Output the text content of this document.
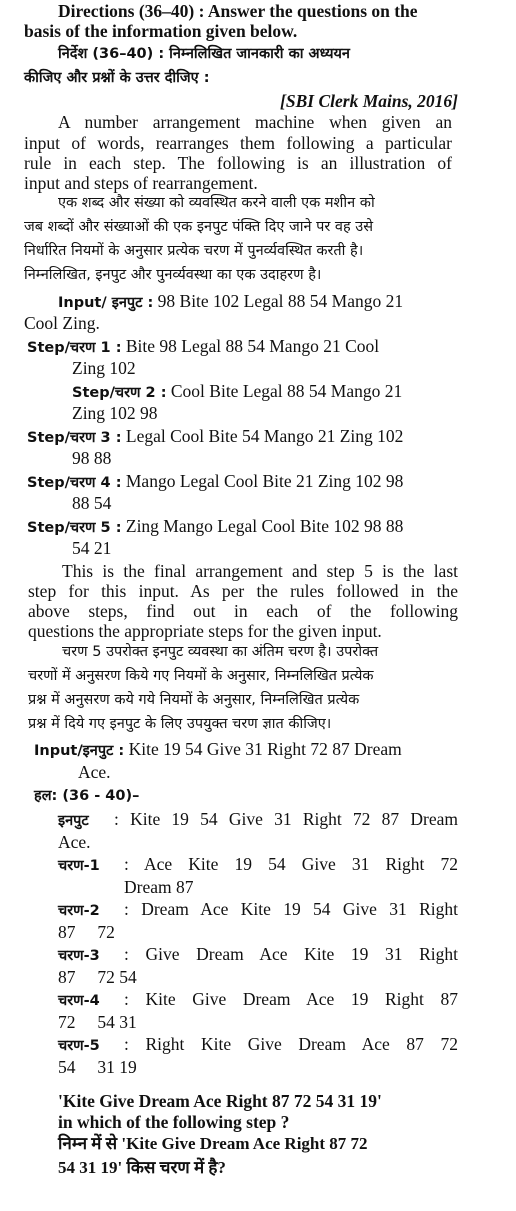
Directions (36–40) : Answer the questions on the
basis of the information given below.
निर्देश (36–40) : निम्नलिखित जानकारी का अध्ययन
कीजिए और प्रश्नों के उत्तर दीजिए :
[SBI Clerk Mains, 2016]
A number arrangement machine when given an
input of words, rearranges them following a particular
rule in each step. The following is an illustration of
input and steps of rearrangement.
एक शब्द और संख्या को व्यवस्थित करने वाली एक मशीन को
जब शब्दों और संख्याओं की एक इनपुट पंक्ति दिए जाने पर वह उसे
निर्धारित नियमों के अनुसार प्रत्येक चरण में पुनर्व्यवस्थित करती है।
निम्नलिखित, इनपुट और पुनर्व्यवस्था का एक उदाहरण है।
Input/ इनपुट : 98 Bite 102 Legal 88 54 Mango 21
Cool Zing.
Step/चरण 1 : Bite 98 Legal 88 54 Mango 21 Cool
Zing 102
Step/चरण 2 : Cool Bite Legal 88 54 Mango 21
Zing 102 98
Step/चरण 3 : Legal Cool Bite 54 Mango 21 Zing 102
98 88
Step/चरण 4 : Mango Legal Cool Bite 21 Zing 102 98
88 54
Step/चरण 5 : Zing Mango Legal Cool Bite 102 98 88
54 21
This is the final arrangement and step 5 is the last
step for this input. As per the rules followed in the
above steps, find out in each of the following
questions the appropriate steps for the given input.
चरण 5 उपरोक्त इनपुट व्यवस्था का अंतिम चरण है। उपरोक्त
चरणों में अनुसरण किये गए नियमों के अनुसार, निम्नलिखित प्रत्येक
प्रश्न में अनुसरण कये गये नियमों के अनुसार, निम्नलिखित प्रत्येक
प्रश्न में दिये गए इनपुट के लिए उपयुक्त चरण ज्ञात कीजिए।
Input/इनपुट : Kite 19 54 Give 31 Right 72 87 Dream
Ace.
हल: (36 - 40)–
इनपुट : Kite 19 54 Give 31 Right 72 87 Dream
Ace.
चरण-1 : Ace Kite 19 54 Give 31 Right 72
Dream 87
चरण-2 : Dream Ace Kite 19 54 Give 31 Right
87     72
चरण-3 : Give Dream Ace Kite 19 31 Right
87     72 54
चरण-4 : Kite Give Dream Ace 19 Right 87
72     54 31
चरण-5 : Right Kite Give Dream Ace 87 72
54     31 19
'Kite Give Dream Ace Right 87 72 54 31 19'
in which of the following step ?
निम्न में से 'Kite Give Dream Ace Right 87 72
54 31 19' किस चरण में है?
